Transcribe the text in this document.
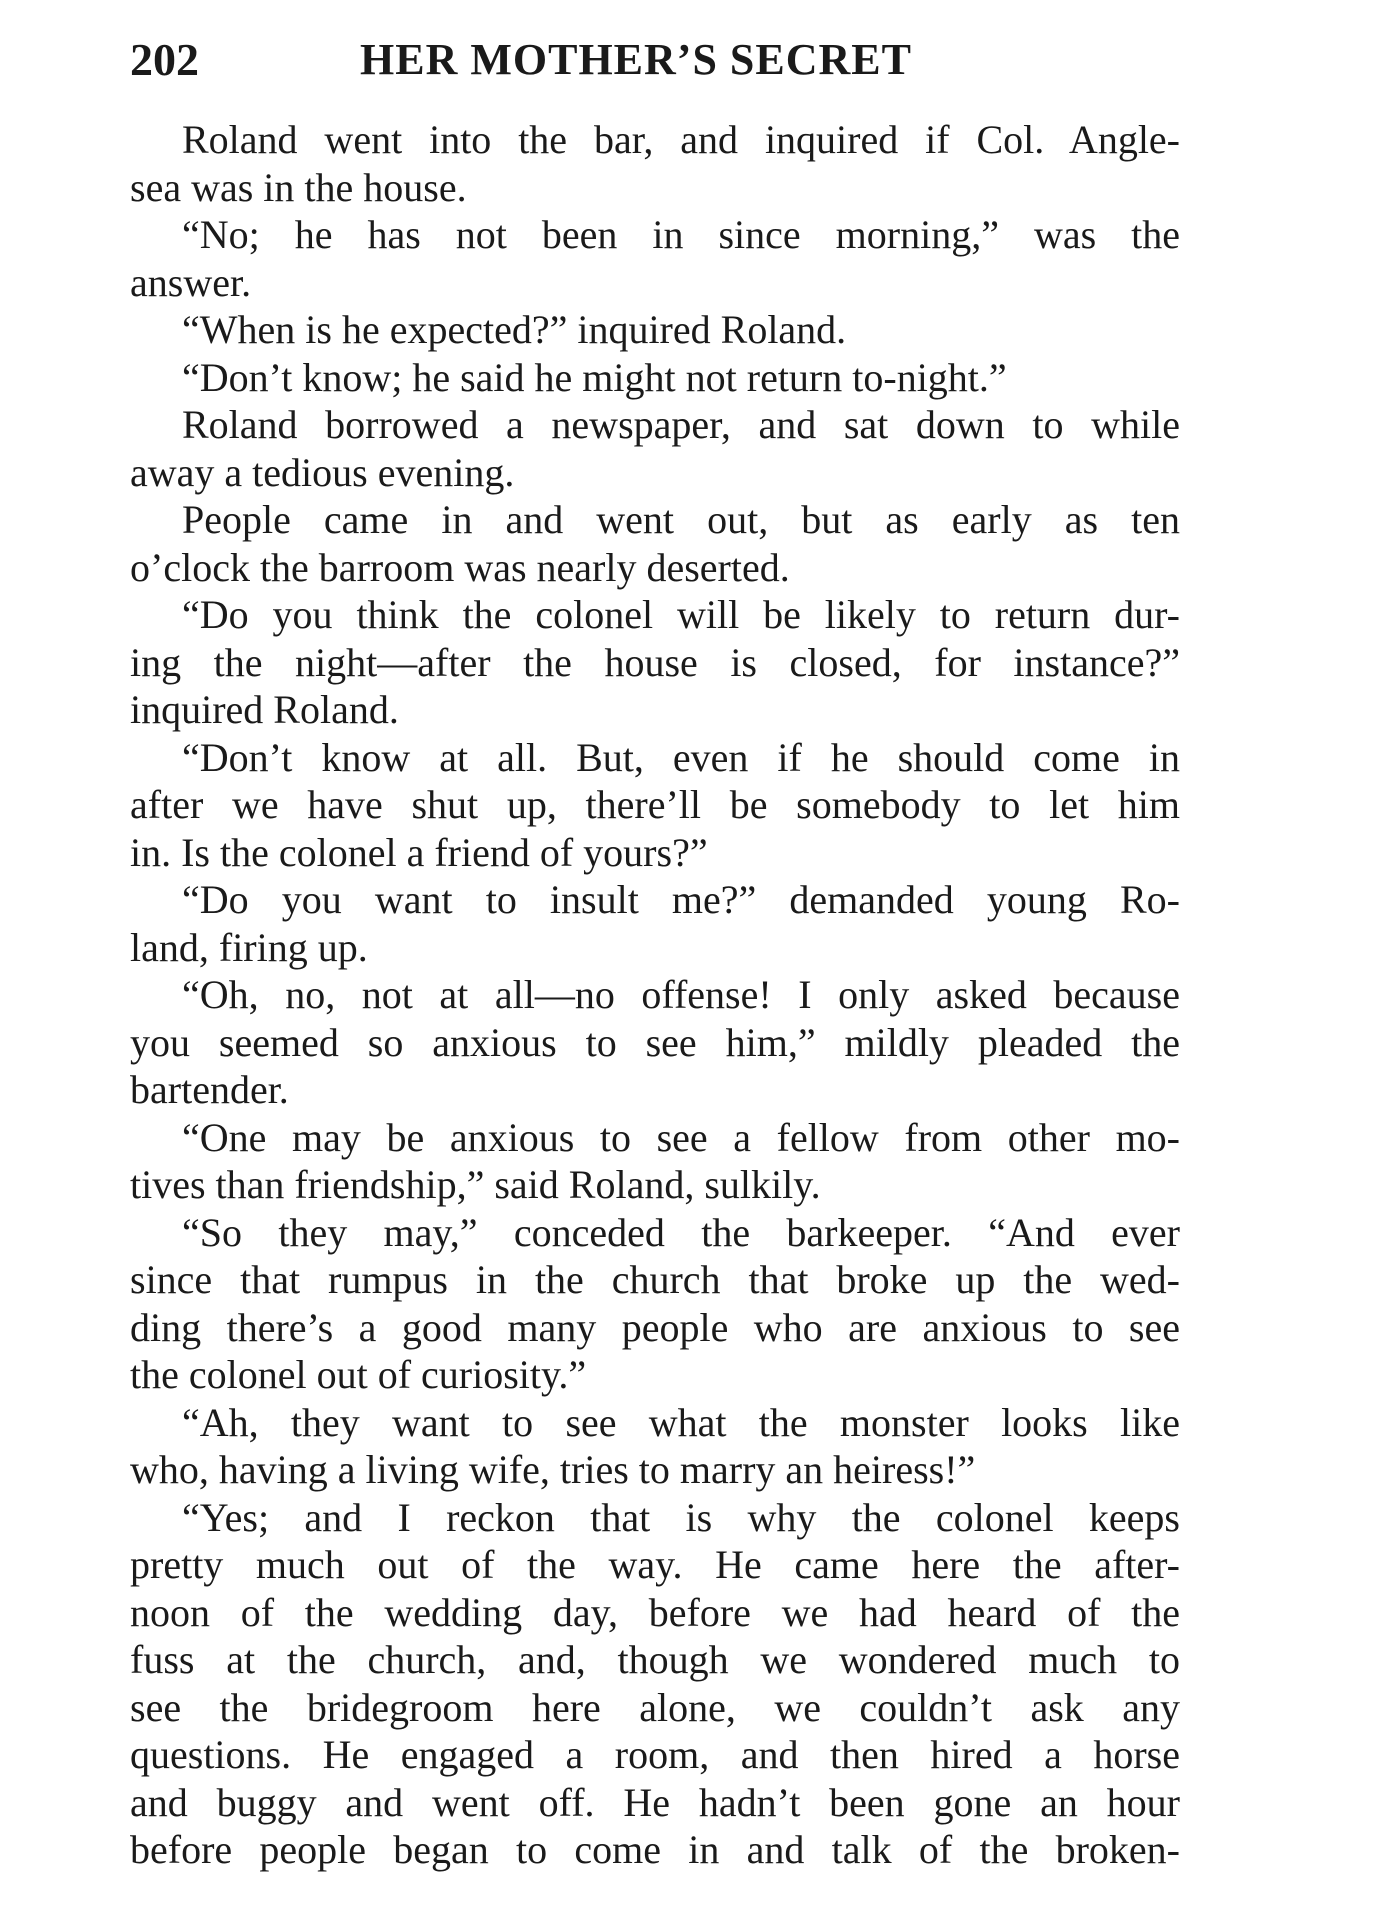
202	HER MOTHER’S SECRET
Roland went into the bar, and inquired if Col. Angle-
sea was in the house.
“No; he has not been in since morning,” was the
answer.
“When is he expected?” inquired Roland.
“Don’t know; he said he might not return to-night.”
Roland borrowed a newspaper, and sat down to while
away a tedious evening.
People came in and went out, but as early as ten
o’clock the barroom was nearly deserted.
“Do you think the colonel will be likely to return dur-
ing the night—after the house is closed, for instance?”
inquired Roland.
“Don’t know at all. But, even if he should come in
after we have shut up, there’ll be somebody to let him
in. Is the colonel a friend of yours?”
“Do you want to insult me?” demanded young Ro-
land, firing up.
“Oh, no, not at all—no offense! I only asked because
you seemed so anxious to see him,” mildly pleaded the
bartender.
“One may be anxious to see a fellow from other mo-
tives than friendship,” said Roland, sulkily.
“So they may,” conceded the barkeeper. “And ever
since that rumpus in the church that broke up the wed-
ding there’s a good many people who are anxious to see
the colonel out of curiosity.”
“Ah, they want to see what the monster looks like
who, having a living wife, tries to marry an heiress!”
“Yes; and I reckon that is why the colonel keeps
pretty much out of the way. He came here the after-
noon of the wedding day, before we had heard of the
fuss at the church, and, though we wondered much to
see the bridegroom here alone, we couldn’t ask any
questions. He engaged a room, and then hired a horse
and buggy and went off. He hadn’t been gone an hour
before people began to come in and talk of the broken-
